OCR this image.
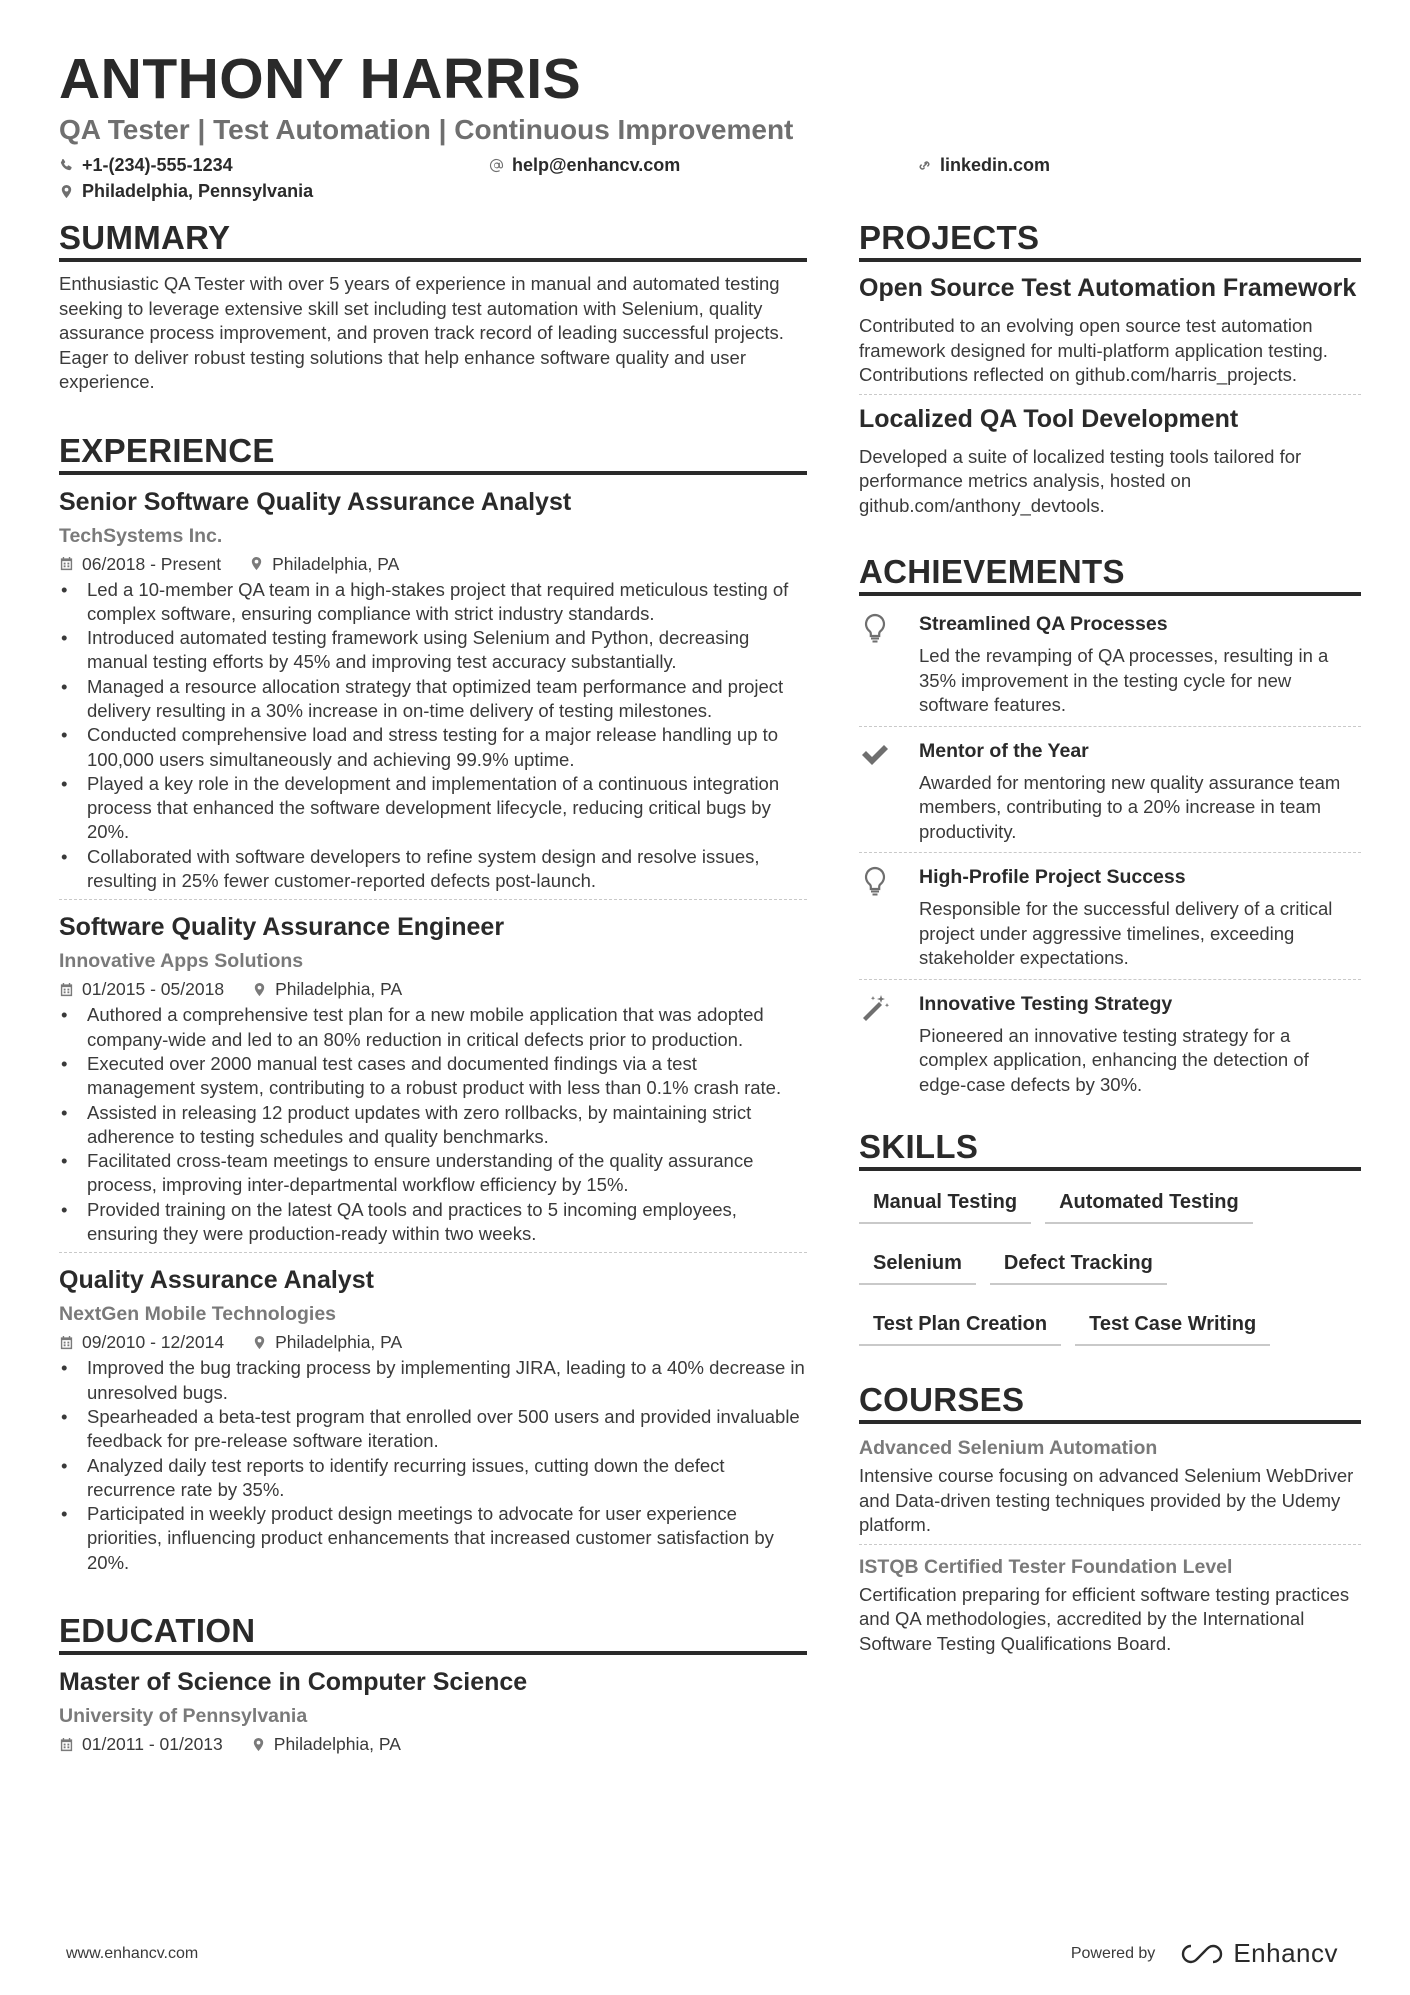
ANTHONY HARRIS
QA Tester | Test Automation | Continuous Improvement
+1-(234)-555-1234	help@enhancv.com	linkedin.com
Philadelphia, Pennsylvania
SUMMARY

Enthusiastic QA Tester with over 5 years of experience in manual and automated testing seeking to leverage extensive skill set including test automation with Selenium, quality assurance process improvement, and proven track record of leading successful projects. Eager to deliver robust testing solutions that help enhance software quality and user experience.

EXPERIENCE
Senior Software Quality Assurance Analyst
TechSystems Inc.
06/2018 - Present	Philadelphia, PA
• Led a 10-member QA team in a high-stakes project that required meticulous testing of complex software, ensuring compliance with strict industry standards.
• Introduced automated testing framework using Selenium and Python, decreasing manual testing efforts by 45% and improving test accuracy substantially.
• Managed a resource allocation strategy that optimized team performance and project delivery resulting in a 30% increase in on-time delivery of testing milestones.
• Conducted comprehensive load and stress testing for a major release handling up to 100,000 users simultaneously and achieving 99.9% uptime.
• Played a key role in the development and implementation of a continuous integration process that enhanced the software development lifecycle, reducing critical bugs by 20%.
• Collaborated with software developers to refine system design and resolve issues, resulting in 25% fewer customer-reported defects post-launch.
Software Quality Assurance Engineer
Innovative Apps Solutions
01/2015 - 05/2018	Philadelphia, PA
• Authored a comprehensive test plan for a new mobile application that was adopted company-wide and led to an 80% reduction in critical defects prior to production.
• Executed over 2000 manual test cases and documented findings via a test management system, contributing to a robust product with less than 0.1% crash rate.
• Assisted in releasing 12 product updates with zero rollbacks, by maintaining strict adherence to testing schedules and quality benchmarks.
• Facilitated cross-team meetings to ensure understanding of the quality assurance process, improving inter-departmental workflow efficiency by 15%.
• Provided training on the latest QA tools and practices to 5 incoming employees, ensuring they were production-ready within two weeks.
Quality Assurance Analyst
NextGen Mobile Technologies
09/2010 - 12/2014	Philadelphia, PA
• Improved the bug tracking process by implementing JIRA, leading to a 40% decrease in unresolved bugs.
• Spearheaded a beta-test program that enrolled over 500 users and provided invaluable feedback for pre-release software iteration.
• Analyzed daily test reports to identify recurring issues, cutting down the defect recurrence rate by 35%.
• Participated in weekly product design meetings to advocate for user experience priorities, influencing product enhancements that increased customer satisfaction by 20%.
EDUCATION
Master of Science in Computer Science
University of Pennsylvania
01/2011 - 01/2013	Philadelphia, PA
PROJECTS
Open Source Test Automation Framework

Contributed to an evolving open source test automation framework designed for multi-platform application testing. Contributions reflected on github.com/harris_projects.

Localized QA Tool Development

Developed a suite of localized testing tools tailored for performance metrics analysis, hosted on github.com/anthony_devtools.

ACHIEVEMENTS
Streamlined QA Processes

Led the revamping of QA processes, resulting in a 35% improvement in the testing cycle for new software features.

Mentor of the Year

Awarded for mentoring new quality assurance team members, contributing to a 20% increase in team productivity.

High-Profile Project Success

Responsible for the successful delivery of a critical project under aggressive timelines, exceeding stakeholder expectations.

Innovative Testing Strategy

Pioneered an innovative testing strategy for a complex application, enhancing the detection of edge-case defects by 30%.

SKILLS
Manual Testing	Automated Testing
Selenium	Defect Tracking
Test Plan Creation	Test Case Writing
COURSES
Advanced Selenium Automation

Intensive course focusing on advanced Selenium WebDriver and Data-driven testing techniques provided by the Udemy platform.

ISTQB Certified Tester Foundation Level

Certification preparing for efficient software testing practices and QA methodologies, accredited by the International Software Testing Qualifications Board.

www.enhancv.com	Powered by	Enhancv
